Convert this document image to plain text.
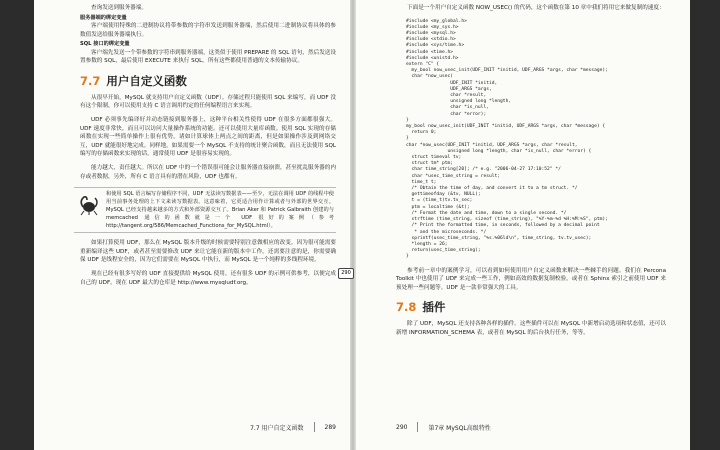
查询发送到服务器端。

服务器端的绑定变量

客户端使用特殊的二进制协议将带参数的字符串发送到服务器端，然后使用二进制协议将具体的参数值发送给服务器端执行。

SQL 接口的绑定变量

客户端先发送一个带参数的字符串到服务器端，这类似于使用 PREPARE 的 SQL 语句，然后发送设置参数的 SQL，最后使用 EXECUTE 来执行 SQL。所有这些都使用普通的文本传输协议。

7.7 用户自定义函数

从很早开始，MySQL 就支持用户自定义函数（UDF）。存储过程只能使用 SQL 来编写，而 UDF 没有这个限制，你可以使用支持 C 语言调用约定的任何编程语言来实现。

UDF 必须事先编译好并动态链接到服务器上，这种平台相关性使得 UDF 在很多方面都很强大。UDF 速度非常快，而且可以访问大量操作系统的功能。还可以使用大量库函数。使用 SQL 实现的存储函数在实现一些简单操作上很有优势，诸如计算球体上两点之间的距离，但是如果操作涉及到网络交互，UDF 就能很好地完成。同样地，如果需要一个 MySQL 不支持的统计聚合函数，而且无法使用 SQL 编写的存储函数来实现的话，通常使用 UDF 是很容易实现的。

能力越大，责任越大。所以在 UDF 中的一个错误很可能会让服务器直接崩溃，甚至扰乱服务器的内存或者数据，另外，所有 C 语言具有的潜在风险，UDF 也都有。

和使用 SQL 语言编写存储程序不同，UDF 无法读写数据表——至少，无法在调用 UDF 的线程中使用当前事务处理的上下文来读写数据表。这意味着，它更适合用作计算或者与外部的世界交互。MySQL 已经支持越来越多的方式和外部资源交互了。Brian Aker 和 Patrick Galbraith 创建的与 memcached 通信的函数就是一个 UDF 很好的案例（参考 http://tangent.org/586/Memcached_Functions_for_MySQL.html）。

如果打算使用 UDF，那么在 MySQL 版本升级的时候需要特别注意做相应的改变。因为很可能需要重新编译这些 UDF，或者甚至需要修改 UDF 来让它能在新的版本中工作。还需要注意的是，你需要确保 UDF 是线程安全的，因为它们需要在 MySQL 中执行，而 MySQL 是一个纯粹的多线程环境。

现在已经有很多写好的 UDF 直接提供给 MySQL 使用，还有很多 UDF 的示例可供参考，以便完成自己的 UDF。现在 UDF 最大的仓库是 http://www.mysqludf.org。

7.7 用户自定义函数	289
290

下面是一个用户自定义函数 NOW_USEC() 的代码，这个函数在第 10 章中我们将用它来做复制的速度：

#include <my_global.h>
#include <my_sys.h>
#include <mysql.h>
#include <stdio.h>
#include <sys/time.h>
#include <time.h>
#include <unistd.h>
extern "C" {
my_bool now_usec_init(UDF_INIT *initid, UDF_ARGS *args, char *message);
char *now_usec(
UDF_INIT *initid,
UDF_ARGS *args,
char *result,
unsigned long *length,
char *is_null,
char *error);
}
my_bool now_usec_init(UDF_INIT *initid, UDF_ARGS *args, char *message) {
return 0;
}
char *now_usec(UDF_INIT *initid, UDF_ARGS *args, char *result,
unsigned long *length, char *is_null, char *error) {
struct timeval tv;
struct tm* ptm;
char time_string[20]; /* e.g. "2006-04-27 17:10:52" */
char *usec_time_string = result;
time_t t;
/* Obtain the time of day, and convert it to a tm struct. */
gettimeofday (&tv, NULL);
t = (time_t)tv.tv_sec;
ptm = localtime (&t);
/* Format the date and time, down to a single second. */
strftime (time_string, sizeof (time_string), "%Y-%m-%d %H:%M:%S", ptm);
/* Print the formatted time, in seconds, followed by a decimal point
* and the microseconds. */
sprintf(usec_time_string, "%s.%06ld\n", time_string, tv.tv_usec);
*length = 26;
return(usec_time_string);
}

参考前一章中的案例学习，可以看到如何使用用户自定义函数来解决一些棘手的问题。我们在 Percona Toolkit 中也使用了 UDF 来完成一些工作，例如高效的数据复制校验，或者在 Sphinx 索引之前使用 UDF 来预处理一些问题等。UDF 是一款非常强大的工具。

7.8 插件

除了 UDF，MySQL 还支持各种各样的插件。这些插件可以在 MySQL 中新增启动选项和状态值，还可以新增 INFORMATION_SCHEMA 表，或者在 MySQL 的后台执行任务，等等。

290	第7章 MySQL高级特性
